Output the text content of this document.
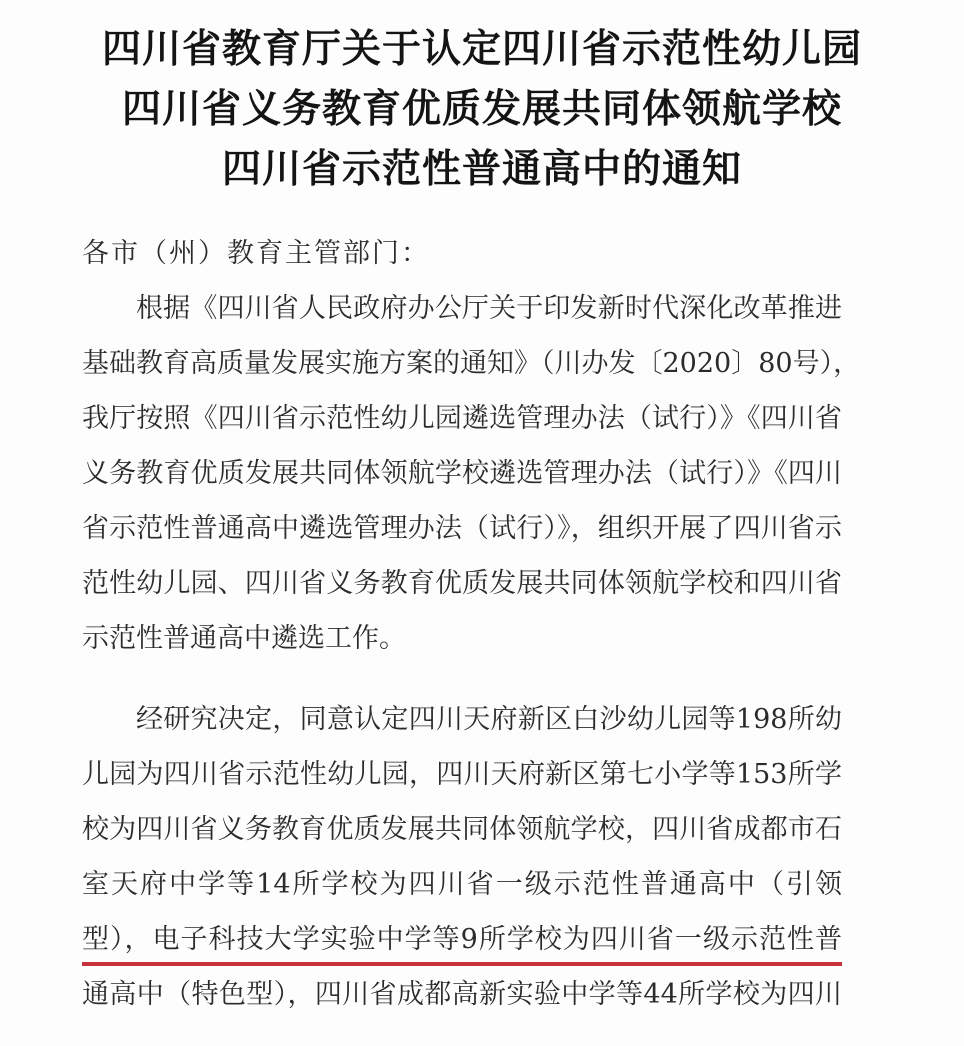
四川省教育厅关于认定四川省示范性幼儿园
四川省义务教育优质发展共同体领航学校
四川省示范性普通高中的通知
各市（州）教育主管部门：
根据《四川省人民政府办公厅关于印发新时代深化改革推进
基础教育高质量发展实施方案的通知》（川办发〔2020〕80号），
我厅按照《四川省示范性幼儿园遴选管理办法（试行）》《四川省
义务教育优质发展共同体领航学校遴选管理办法（试行）》《四川
省示范性普通高中遴选管理办法（试行）》，组织开展了四川省示
范性幼儿园、四川省义务教育优质发展共同体领航学校和四川省
示范性普通高中遴选工作。
经研究决定，同意认定四川天府新区白沙幼儿园等198所幼
儿园为四川省示范性幼儿园，四川天府新区第七小学等153所学
校为四川省义务教育优质发展共同体领航学校，四川省成都市石
室天府中学等14所学校为四川省一级示范性普通高中（引领
型），电子科技大学实验中学等9所学校为四川省一级示范性普
通高中（特色型），四川省成都高新实验中学等44所学校为四川
